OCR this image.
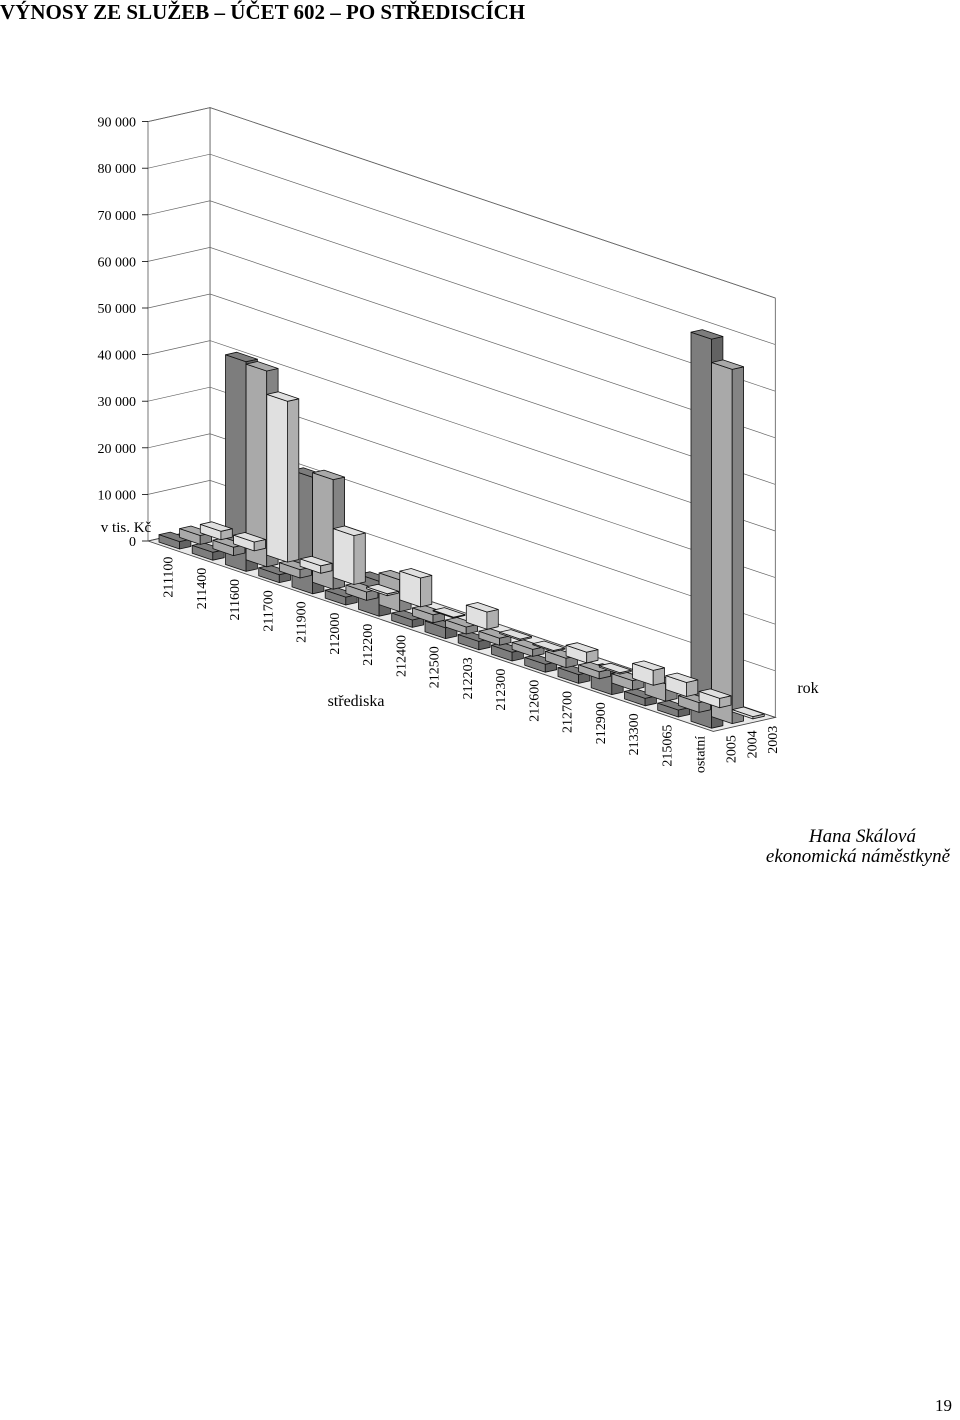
VÝNOSY ZE SLUŽEB – ÚČET 602 – PO STŘEDISCÍCH
0
10 000
20 000
30 000
40 000
50 000
60 000
70 000
80 000
90 000
211100 211400 211600 211700 211900 212000 212200 212400 212500 212203 212300 212600 212700 212900 213300 215065 ostatní	2003
2004
2005
v tis. Kč
střediska
rok
Hana Skálová
ekonomická náměstkyně
19
